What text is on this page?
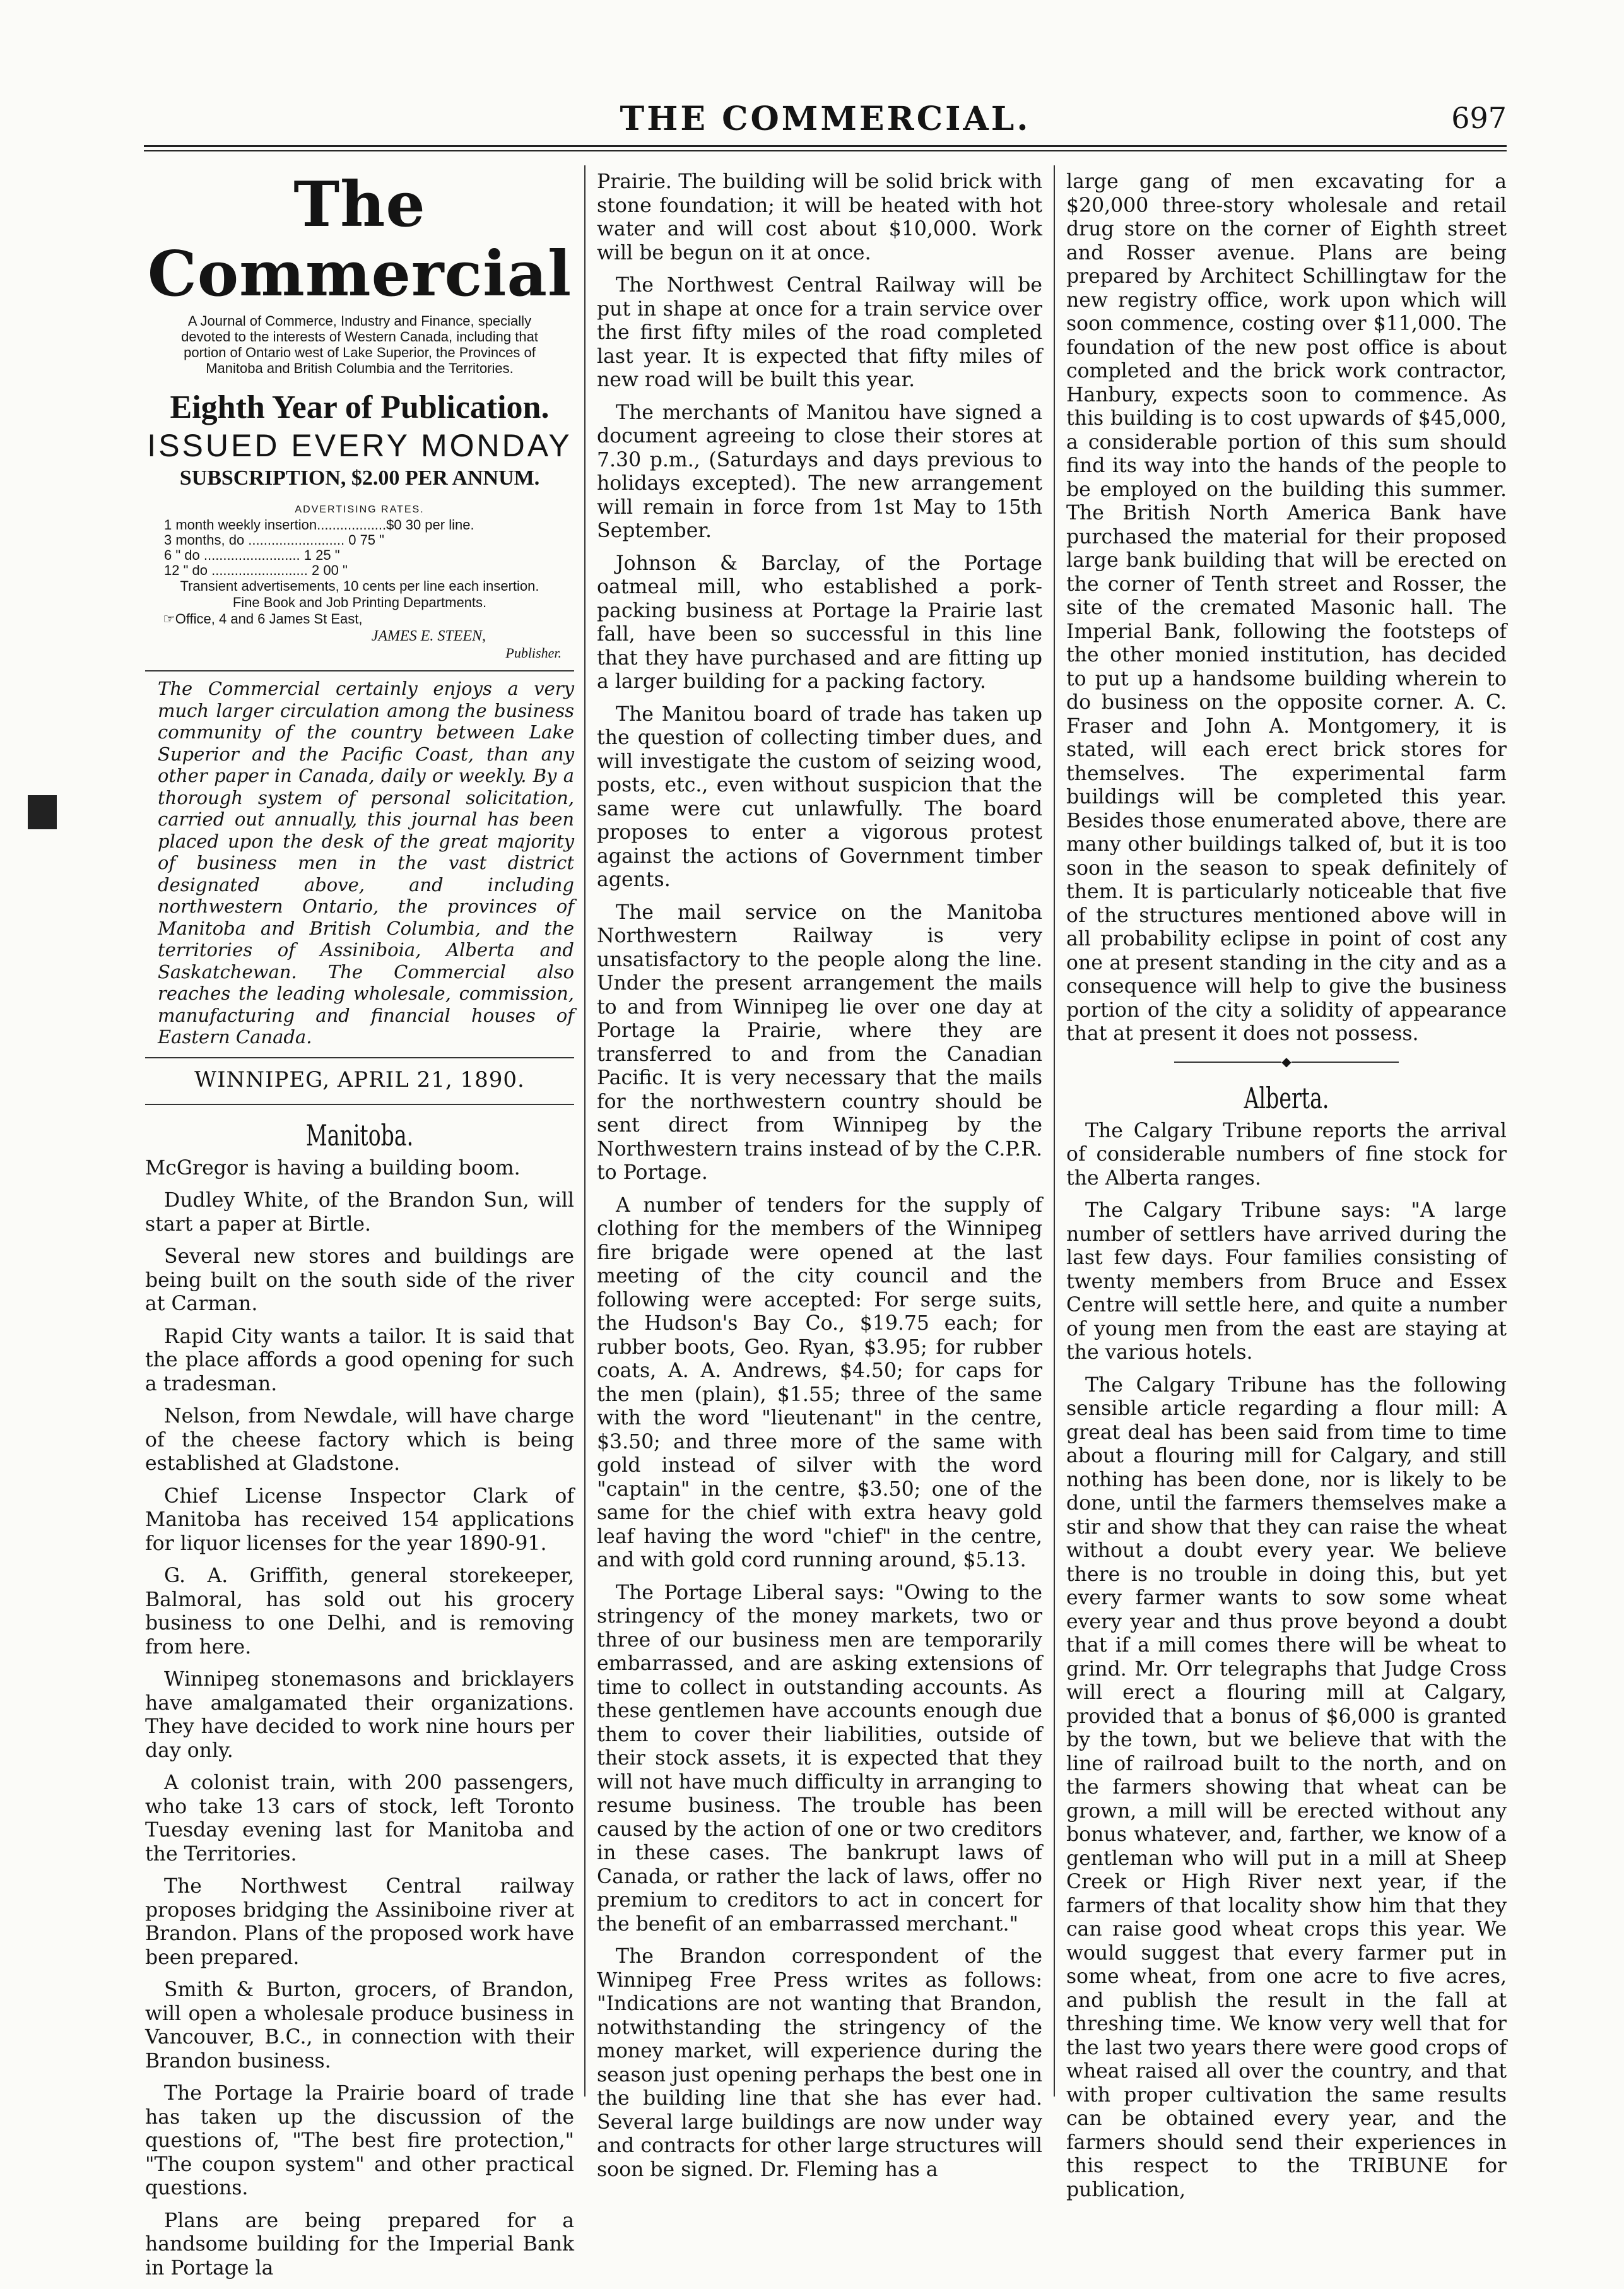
THE COMMERCIAL.	697
The Commercial
A Journal of Commerce, Industry and Finance, specially devoted to the interests of Western Canada, including that portion of Ontario west of Lake Superior, the Provinces of Manitoba and British Columbia and the Territories.
Eighth Year of Publication.
ISSUED EVERY MONDAY
SUBSCRIPTION, $2.00 PER ANNUM.
ADVERTISING RATES.
1 month weekly insertion..................$0 30 per line.
3 months, do ......................... 0 75 "
6 " do ......................... 1 25 "
12 " do ......................... 2 00 "
Transient advertisements, 10 cents per line each insertion.
Fine Book and Job Printing Departments.
☞Office, 4 and 6 James St East,
JAMES E. STEEN,
Publisher.
The Commercial certainly enjoys a very much larger circulation among the business community of the country between Lake Superior and the Pacific Coast, than any other paper in Canada, daily or weekly. By a thorough system of personal solicitation, carried out annually, this journal has been placed upon the desk of the great majority of business men in the vast district designated above, and including northwestern Ontario, the provinces of Manitoba and British Columbia, and the territories of Assiniboia, Alberta and Saskatchewan. The Commercial also reaches the leading wholesale, commission, manufacturing and financial houses of Eastern Canada.
WINNIPEG, APRIL 21, 1890.
Manitoba.

McGregor is having a building boom.

Dudley White, of the Brandon Sun, will start a paper at Birtle.

Several new stores and buildings are being built on the south side of the river at Carman.

Rapid City wants a tailor. It is said that the place affords a good opening for such a tradesman.

Nelson, from Newdale, will have charge of the cheese factory which is being established at Gladstone.

Chief License Inspector Clark of Manitoba has received 154 applications for liquor licenses for the year 1890-91.

G. A. Griffith, general storekeeper, Balmoral, has sold out his grocery business to one Delhi, and is removing from here.

Winnipeg stonemasons and bricklayers have amalgamated their organizations. They have decided to work nine hours per day only.

A colonist train, with 200 passengers, who take 13 cars of stock, left Toronto Tuesday evening last for Manitoba and the Territories.

The Northwest Central railway proposes bridging the Assiniboine river at Brandon. Plans of the proposed work have been prepared.

Smith & Burton, grocers, of Brandon, will open a wholesale produce business in Vancouver, B.C., in connection with their Brandon business.

The Portage la Prairie board of trade has taken up the discussion of the questions of, "The best fire protection," "The coupon system" and other practical questions.

Plans are being prepared for a handsome building for the Imperial Bank in Portage la

Prairie. The building will be solid brick with stone foundation; it will be heated with hot water and will cost about $10,000. Work will be begun on it at once.

The Northwest Central Railway will be put in shape at once for a train service over the first fifty miles of the road completed last year. It is expected that fifty miles of new road will be built this year.

The merchants of Manitou have signed a document agreeing to close their stores at 7.30 p.m., (Saturdays and days previous to holidays excepted). The new arrangement will remain in force from 1st May to 15th September.

Johnson & Barclay, of the Portage oatmeal mill, who established a pork-packing business at Portage la Prairie last fall, have been so successful in this line that they have purchased and are fitting up a larger building for a packing factory.

The Manitou board of trade has taken up the question of collecting timber dues, and will investigate the custom of seizing wood, posts, etc., even without suspicion that the same were cut unlawfully. The board proposes to enter a vigorous protest against the actions of Government timber agents.

The mail service on the Manitoba Northwestern Railway is very unsatisfactory to the people along the line. Under the present arrangement the mails to and from Winnipeg lie over one day at Portage la Prairie, where they are transferred to and from the Canadian Pacific. It is very necessary that the mails for the northwestern country should be sent direct from Winnipeg by the Northwestern trains instead of by the C.P.R. to Portage.

A number of tenders for the supply of clothing for the members of the Winnipeg fire brigade were opened at the last meeting of the city council and the following were accepted: For serge suits, the Hudson's Bay Co., $19.75 each; for rubber boots, Geo. Ryan, $3.95; for rubber coats, A. A. Andrews, $4.50; for caps for the men (plain), $1.55; three of the same with the word "lieutenant" in the centre, $3.50; and three more of the same with gold instead of silver with the word "captain" in the centre, $3.50; one of the same for the chief with extra heavy gold leaf having the word "chief" in the centre, and with gold cord running around, $5.13.

The Portage Liberal says: "Owing to the stringency of the money markets, two or three of our business men are temporarily embarrassed, and are asking extensions of time to collect in outstanding accounts. As these gentlemen have accounts enough due them to cover their liabilities, outside of their stock assets, it is expected that they will not have much difficulty in arranging to resume business. The trouble has been caused by the action of one or two creditors in these cases. The bankrupt laws of Canada, or rather the lack of laws, offer no premium to creditors to act in concert for the benefit of an embarrassed merchant."

The Brandon correspondent of the Winnipeg Free Press writes as follows: "Indications are not wanting that Brandon, notwithstanding the stringency of the money market, will experience during the season just opening perhaps the best one in the building line that she has ever had. Several large buildings are now under way and contracts for other large structures will soon be signed. Dr. Fleming has a

large gang of men excavating for a $20,000 three-story wholesale and retail drug store on the corner of Eighth street and Rosser avenue. Plans are being prepared by Architect Schillingtaw for the new registry office, work upon which will soon commence, costing over $11,000. The foundation of the new post office is about completed and the brick work contractor, Hanbury, expects soon to commence. As this building is to cost upwards of $45,000, a considerable portion of this sum should find its way into the hands of the people to be employed on the building this summer. The British North America Bank have purchased the material for their proposed large bank building that will be erected on the corner of Tenth street and Rosser, the site of the cremated Masonic hall. The Imperial Bank, following the footsteps of the other monied institution, has decided to put up a handsome building wherein to do business on the opposite corner. A. C. Fraser and John A. Montgomery, it is stated, will each erect brick stores for themselves. The experimental farm buildings will be completed this year. Besides those enumerated above, there are many other buildings talked of, but it is too soon in the season to speak definitely of them. It is particularly noticeable that five of the structures mentioned above will in all probability eclipse in point of cost any one at present standing in the city and as a consequence will help to give the business portion of the city a solidity of appearance that at present it does not possess.

◆
Alberta.

The Calgary Tribune reports the arrival of considerable numbers of fine stock for the Alberta ranges.

The Calgary Tribune says: "A large number of settlers have arrived during the last few days. Four families consisting of twenty members from Bruce and Essex Centre will settle here, and quite a number of young men from the east are staying at the various hotels.

The Calgary Tribune has the following sensible article regarding a flour mill: A great deal has been said from time to time about a flouring mill for Calgary, and still nothing has been done, nor is likely to be done, until the farmers themselves make a stir and show that they can raise the wheat without a doubt every year. We believe there is no trouble in doing this, but yet every farmer wants to sow some wheat every year and thus prove beyond a doubt that if a mill comes there will be wheat to grind. Mr. Orr telegraphs that Judge Cross will erect a flouring mill at Calgary, provided that a bonus of $6,000 is granted by the town, but we believe that with the line of railroad built to the north, and on the farmers showing that wheat can be grown, a mill will be erected without any bonus whatever, and, farther, we know of a gentleman who will put in a mill at Sheep Creek or High River next year, if the farmers of that locality show him that they can raise good wheat crops this year. We would suggest that every farmer put in some wheat, from one acre to five acres, and publish the result in the fall at threshing time. We know very well that for the last two years there were good crops of wheat raised all over the country, and that with proper cultivation the same results can be obtained every year, and the farmers should send their experiences in this respect to the TRIBUNE for publication,
